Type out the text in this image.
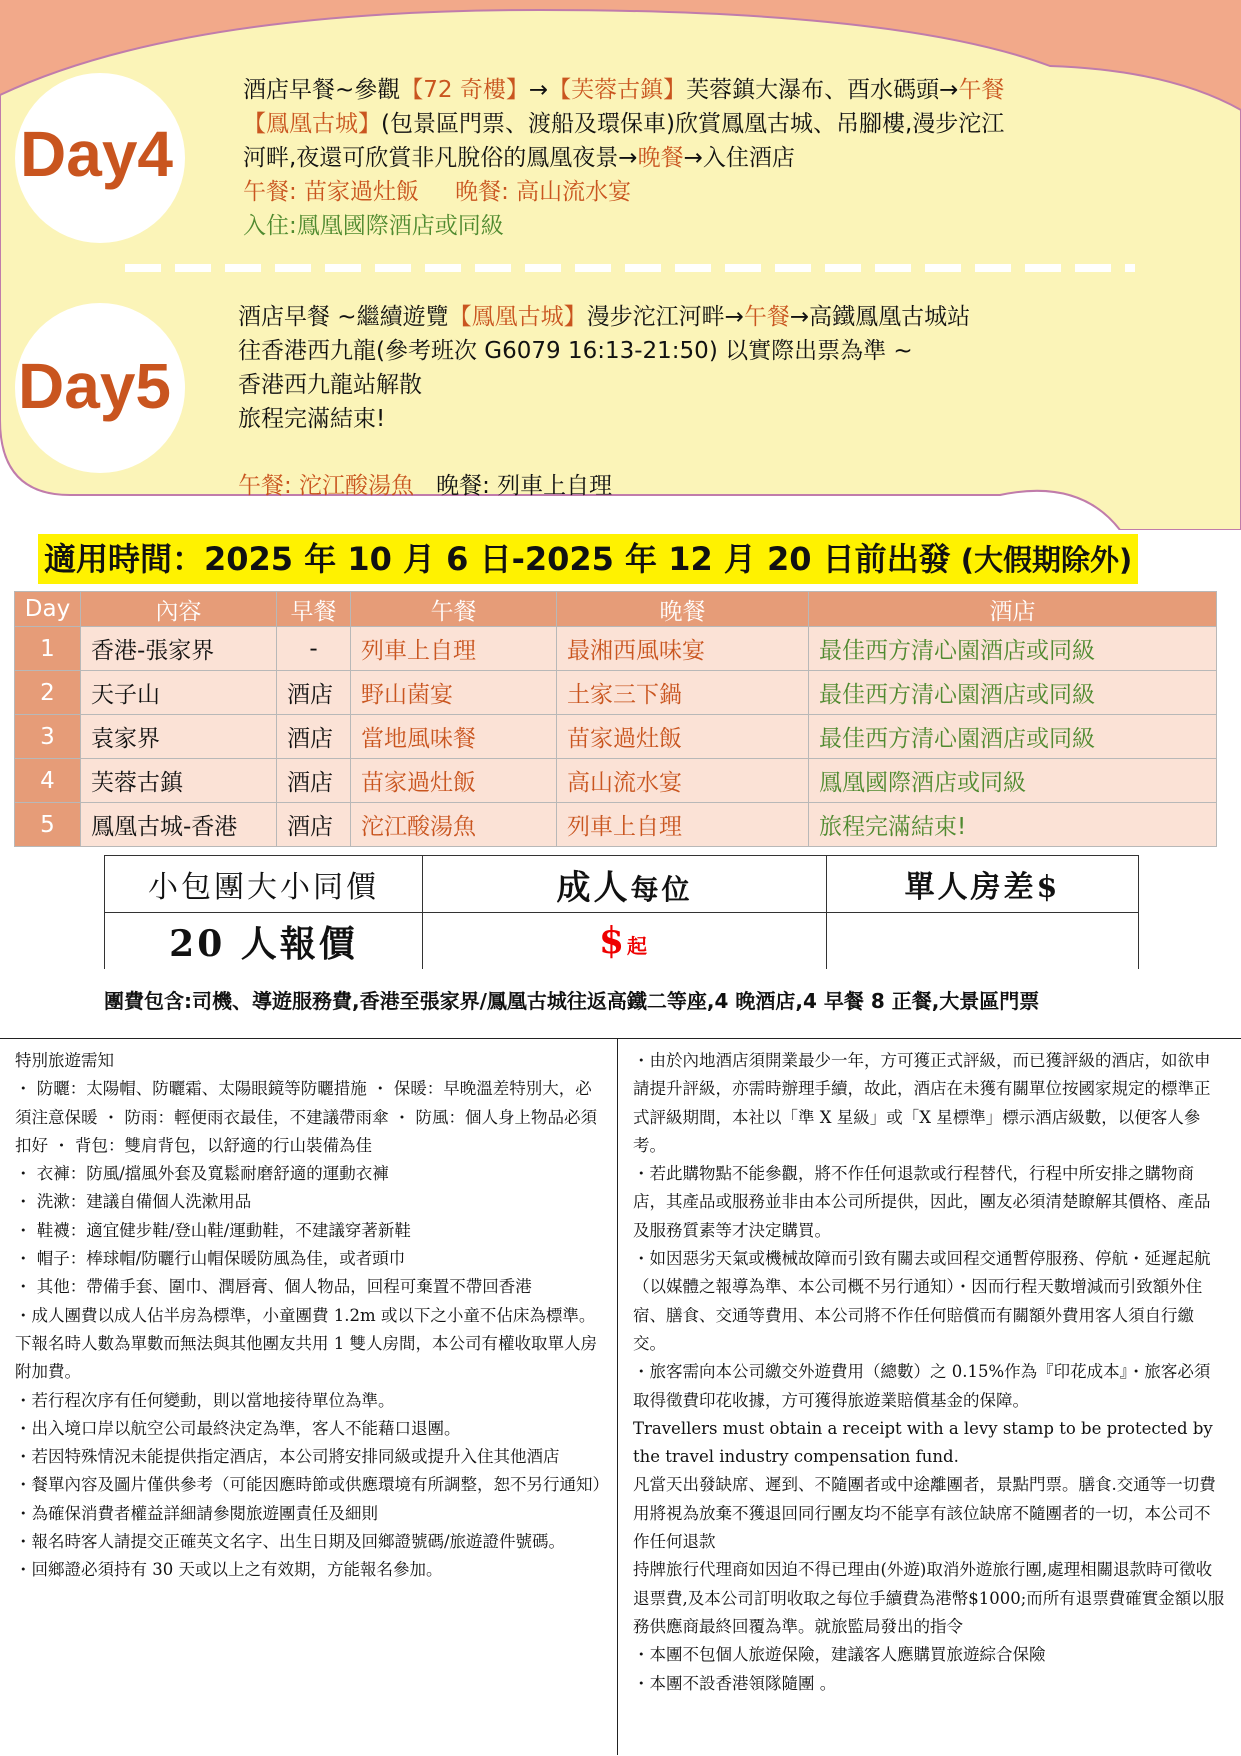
Day4
酒店早餐~參觀【72 奇樓】→【芙蓉古鎮】芙蓉鎮大瀑布、酉水碼頭→午餐
【鳳凰古城】(包景區門票、渡船及環保車)欣賞鳳凰古城、吊腳樓,漫步沱江
河畔,夜還可欣賞非凡脫俗的鳳凰夜景→晚餐→入住酒店
午餐: 苗家過灶飯 晚餐: 高山流水宴
入住:鳳凰國際酒店或同級
Day5
酒店早餐 ~繼續遊覽【鳳凰古城】漫步沱江河畔→午餐→高鐵鳳凰古城站
往香港西九龍(參考班次 G6079 16:13-21:50) 以實際出票為準 ~
香港西九龍站解散
旅程完滿結束!
午餐: 沱江酸湯魚 晚餐: 列車上自理
適用時間：2025 年 10 月 6 日-2025 年 12 月 20 日前出發 (大假期除外)
Day	內容	早餐	午餐	晚餐	酒店
1	香港-張家界	-	列車上自理	最湘西風味宴	最佳西方清心園酒店或同級
2	天子山	酒店	野山菌宴	土家三下鍋	最佳西方清心園酒店或同級
3	袁家界	酒店	當地風味餐	苗家過灶飯	最佳西方清心園酒店或同級
4	芙蓉古鎮	酒店	苗家過灶飯	高山流水宴	鳳凰國際酒店或同級
5	鳳凰古城-香港	酒店	沱江酸湯魚	列車上自理	旅程完滿結束!
小包團大小同價	成人每位	單人房差$
20 人報價	$起	
團費包含:司機、導遊服務費,香港至張家界/鳳凰古城往返高鐵二等座,4 晚酒店,4 早餐 8 正餐,大景區門票

特別旅遊需知

・ 防曬：太陽帽、防曬霜、太陽眼鏡等防曬措施 ・ 保暖：早晚溫差特別大，必須注意保暖 ・ 防雨：輕便雨衣最佳，不建議帶雨傘 ・ 防風：個人身上物品必須扣好 ・ 背包：雙肩背包，以舒適的行山裝備為佳

・ 衣褲：防風/擋風外套及寬鬆耐磨舒適的運動衣褲

・ 洗漱：建議自備個人洗漱用品

・ 鞋襪：適宜健步鞋/登山鞋/運動鞋，不建議穿著新鞋

・ 帽子：棒球帽/防曬行山帽保暖防風為佳，或者頭巾

・ 其他：帶備手套、圍巾、潤唇膏、個人物品，回程可棄置不帶回香港

・成人團費以成人佔半房為標準，小童團費 1.2m 或以下之小童不佔床為標準。

下報名時人數為單數而無法與其他團友共用 1 雙人房間，本公司有權收取單人房附加費。

・若行程次序有任何變動，則以當地接待單位為準。

・出入境口岸以航空公司最終決定為準，客人不能藉口退團。

・若因特殊情況未能提供指定酒店，本公司將安排同級或提升入住其他酒店

・餐單內容及圖片僅供參考（可能因應時節或供應環境有所調整，恕不另行通知）

・為確保消費者權益詳細請參閱旅遊團責任及細則

・報名時客人請提交正確英文名字、出生日期及回鄉證號碼/旅遊證件號碼。

・回鄉證必須持有 30 天或以上之有效期，方能報名參加。

・由於內地酒店須開業最少一年，方可獲正式評級，而已獲評級的酒店，如欲申請提升評級，亦需時辦理手續，故此，酒店在未獲有關單位按國家規定的標準正式評級期間，本社以「準 X 星級」或「X 星標準」標示酒店級數，以便客人參考。

・若此購物點不能參觀，將不作任何退款或行程替代，行程中所安排之購物商店，其產品或服務並非由本公司所提供，因此，團友必須清楚瞭解其價格、產品及服務質素等才決定購買。

・如因惡劣天氣或機械故障而引致有關去或回程交通暫停服務、停航・延遲起航（以媒體之報導為準、本公司概不另行通知）・因而行程天數增減而引致額外住宿、膳食、交通等費用、本公司將不作任何賠償而有關額外費用客人須自行繳交。

・旅客需向本公司繳交外遊費用（總數）之 0.15%作為『印花成本』・旅客必須取得徵費印花收據，方可獲得旅遊業賠償基金的保障。

Travellers must obtain a receipt with a levy stamp to be protected by the travel industry compensation fund.

凡當天出發缺席、遲到、不隨團者或中途離團者，景點門票。膳食.交通等一切費用將視為放棄不獲退回同行團友均不能享有該位缺席不隨團者的一切，本公司不作任何退款

持牌旅行代理商如因迫不得已理由(外遊)取消外遊旅行團,處理相關退款時可徵收退票費,及本公司訂明收取之每位手續費為港幣$1000;而所有退票費確實金額以服務供應商最終回覆為準。就旅監局發出的指令

・本團不包個人旅遊保險，建議客人應購買旅遊綜合保險

・本團不設香港領隊隨團 。
